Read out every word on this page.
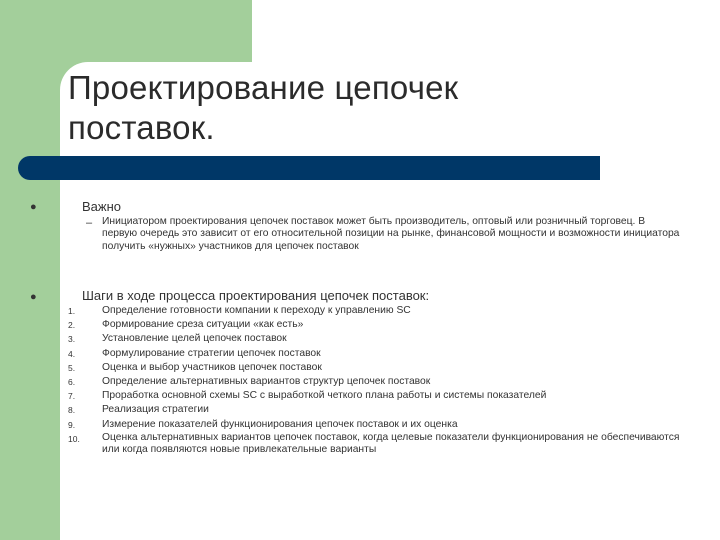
Проектирование цепочек
поставок.
●	Важно
– Инициатором проектирования цепочек поставок может быть производитель, оптовый или розничный торговец. В первую очередь это зависит от его относительной позиции на рынке, финансовой мощности и возможности инициатора получить «нужных» участников для цепочек поставок
●	Шаги в ходе процесса проектирования цепочек поставок:
1.	Определение готовности компании к переходу к управлению SC
2.	Формирование среза ситуации «как есть»
3.	Установление целей цепочек поставок
4.	Формулирование стратегии цепочек поставок
5.	Оценка и выбор участников цепочек поставок
6.	Определение альтернативных вариантов структур цепочек поставок
7.	Проработка основной схемы SC с выработкой четкого плана работы и системы показателей
8.	Реализация стратегии
9.	Измерение показателей функционирования цепочек поставок и их оценка
10.	Оценка альтернативных вариантов цепочек поставок, когда целевые показатели функционирования не обеспечиваются или когда появляются новые привлекательные варианты
